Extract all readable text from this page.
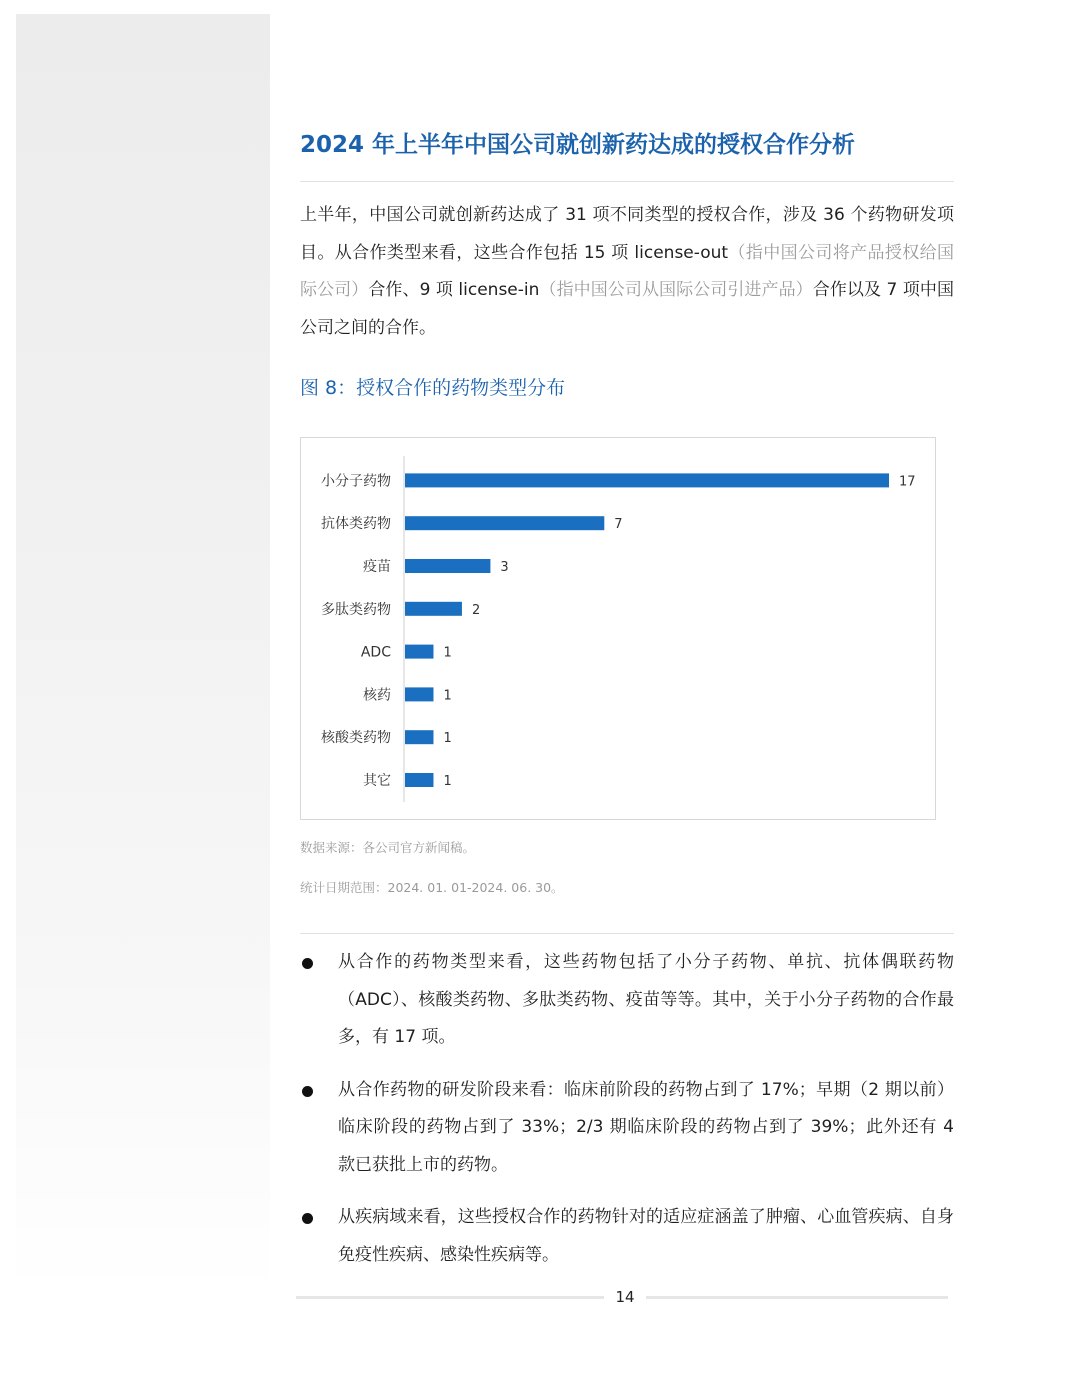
2024 年上半年中国公司就创新药达成的授权合作分析

上半年，中国公司就创新药达成了 31 项不同类型的授权合作，涉及 36 个药物研发项目。从合作类型来看，这些合作包括 15 项 license-out（指中国公司将产品授权给国际公司）合作、9 项 license-in（指中国公司从国际公司引进产品）合作以及 7 项中国公司之间的合作。

图 8：授权合作的药物类型分布
小分子药物	17
抗体类药物	7
疫苗	3
多肽类药物	2
ADC	1
核药	1
核酸类药物	1
其它	1
数据来源：各公司官方新闻稿。
统计日期范围：2024. 01. 01-2024. 06. 30。
从合作的药物类型来看，这些药物包括了小分子药物、单抗、抗体偶联药物（ADC）、核酸类药物、多肽类药物、疫苗等等。其中，关于小分子药物的合作最多，有 17 项。
从合作药物的研发阶段来看：临床前阶段的药物占到了 17%；早期（2 期以前）临床阶段的药物占到了 33%；2/3 期临床阶段的药物占到了 39%；此外还有 4 款已获批上市的药物。
从疾病域来看，这些授权合作的药物针对的适应症涵盖了肿瘤、心血管疾病、自身免疫性疾病、感染性疾病等。
14
